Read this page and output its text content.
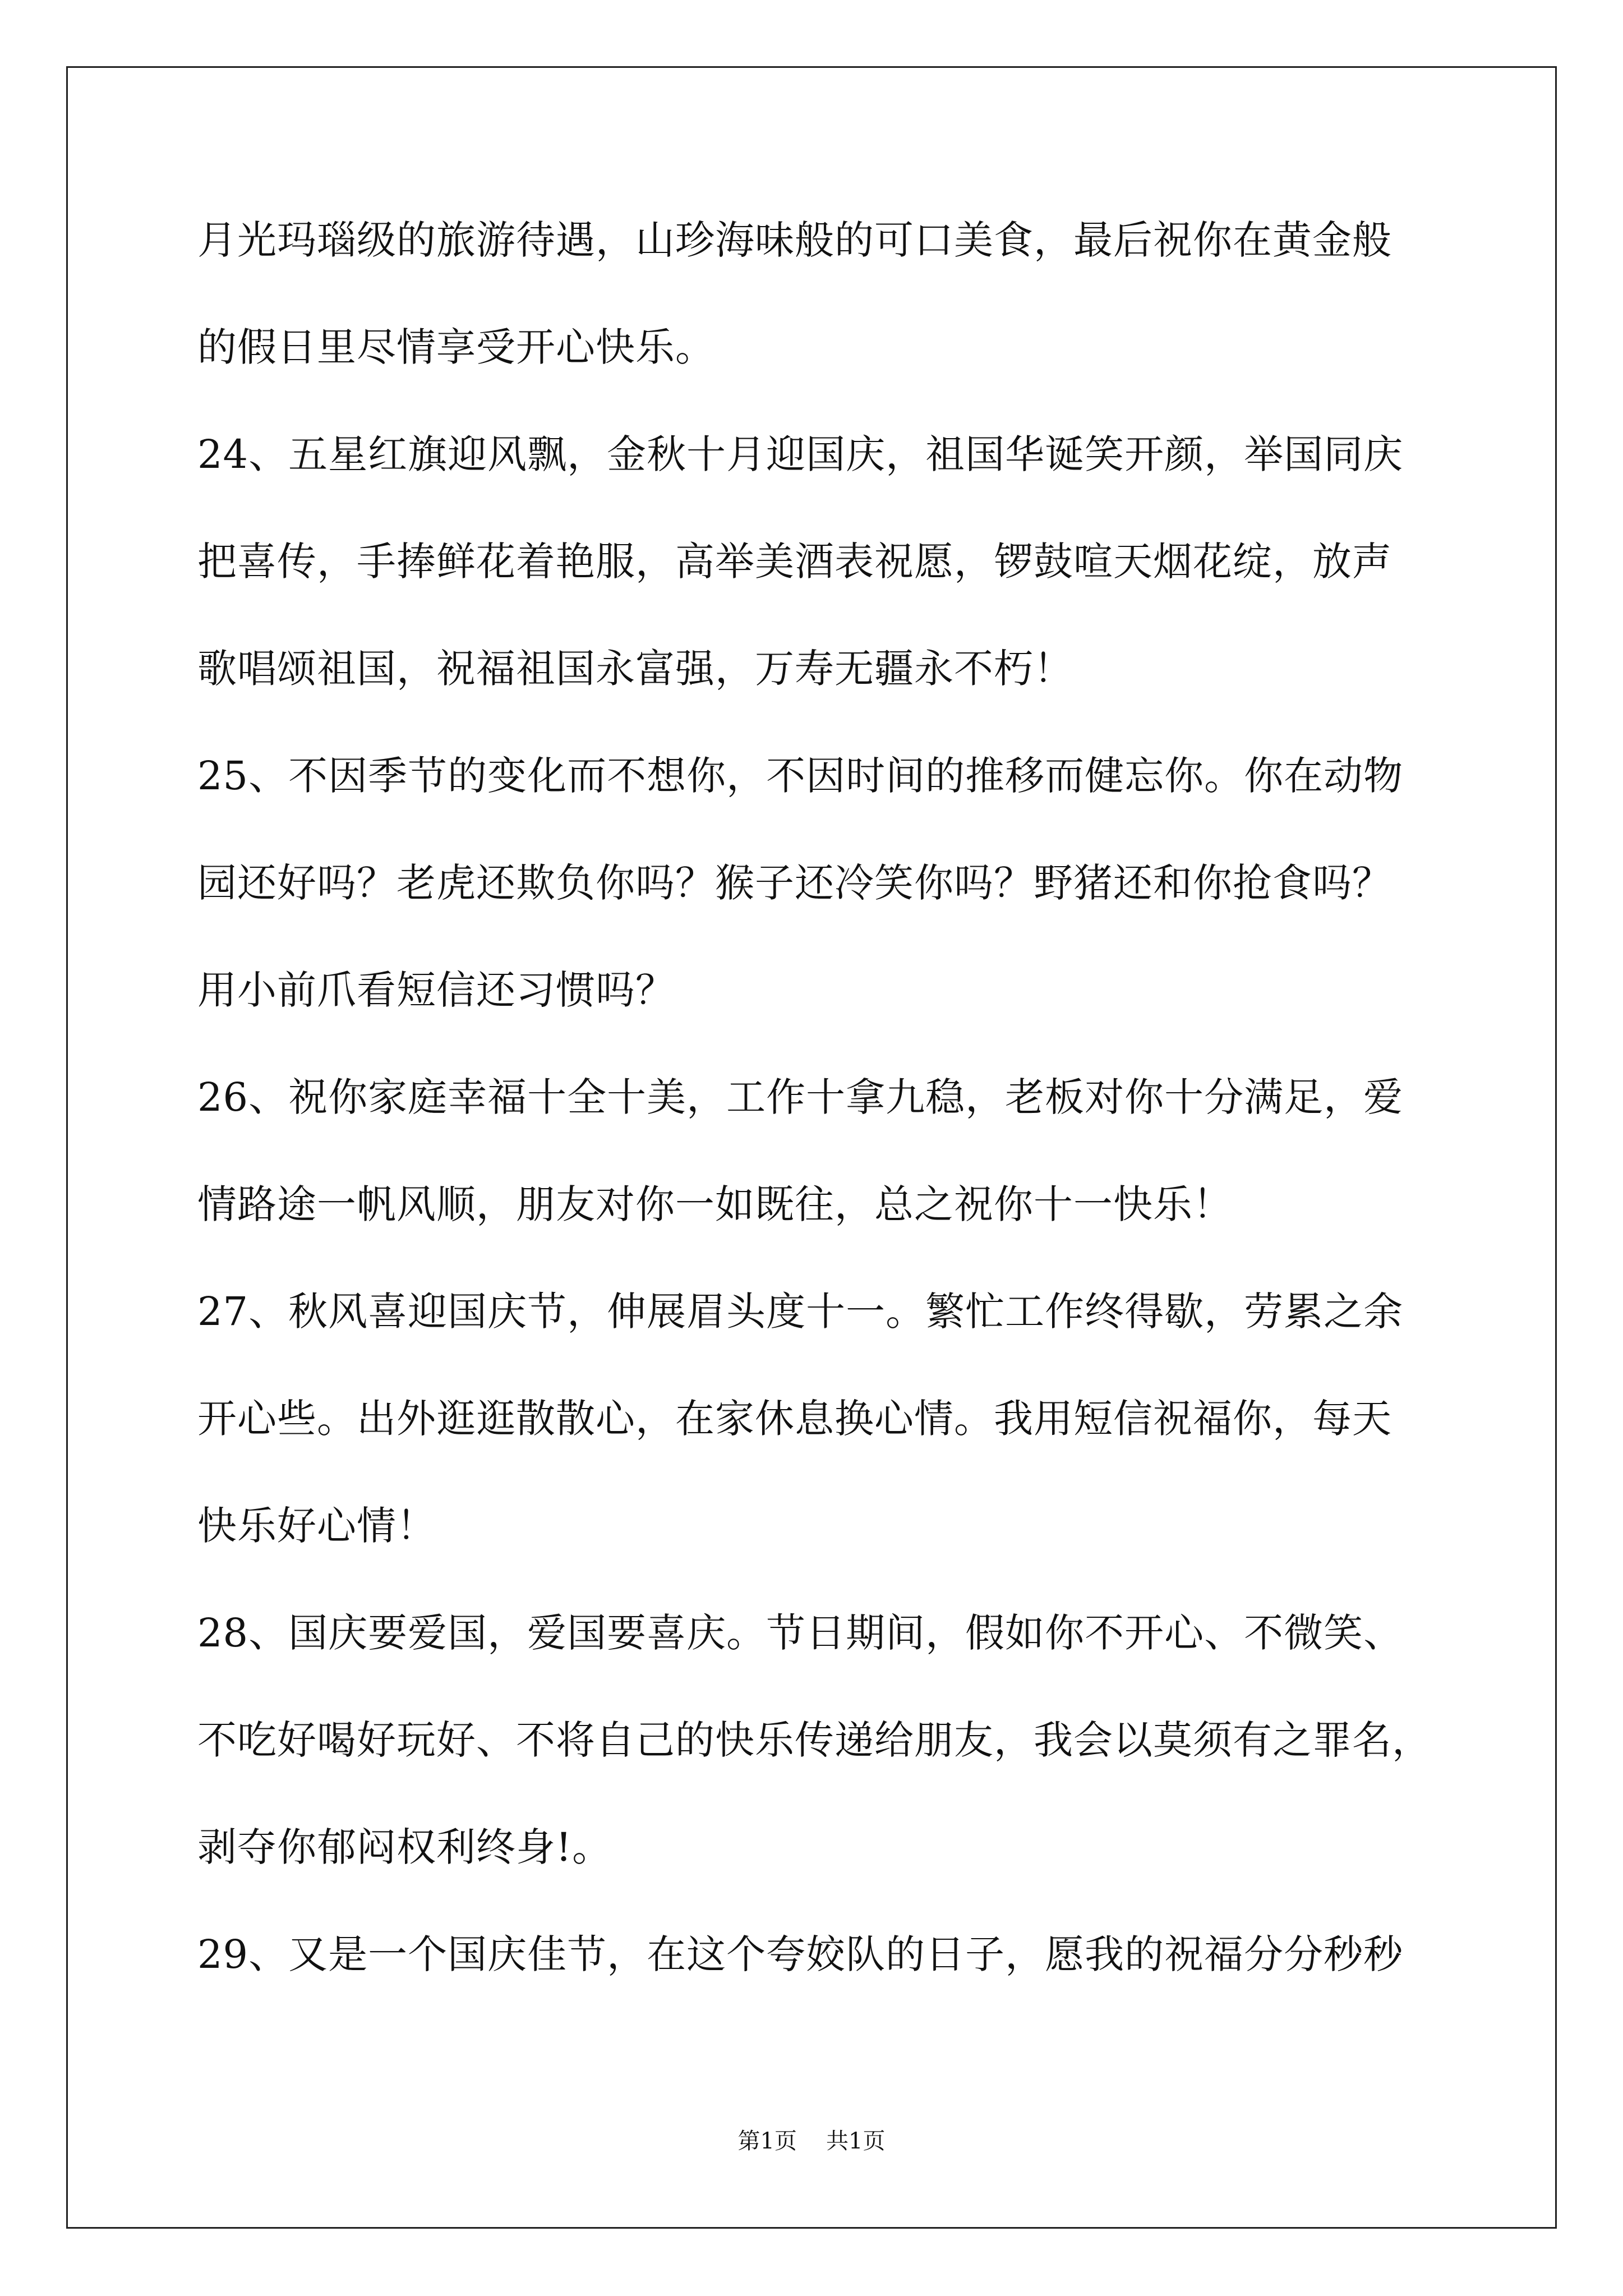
月光玛瑙级的旅游待遇，山珍海味般的可口美食，最后祝你在黄金般
的假日里尽情享受开心快乐。
24、五星红旗迎风飘，金秋十月迎国庆，祖国华诞笑开颜，举国同庆
把喜传，手捧鲜花着艳服，高举美酒表祝愿，锣鼓喧天烟花绽，放声
歌唱颂祖国，祝福祖国永富强，万寿无疆永不朽！
25、不因季节的变化而不想你，不因时间的推移而健忘你。你在动物
园还好吗？老虎还欺负你吗？猴子还冷笑你吗？野猪还和你抢食吗？
用小前爪看短信还习惯吗？
26、祝你家庭幸福十全十美，工作十拿九稳，老板对你十分满足，爱
情路途一帆风顺，朋友对你一如既往，总之祝你十一快乐！
27、秋风喜迎国庆节，伸展眉头度十一。繁忙工作终得歇，劳累之余
开心些。出外逛逛散散心，在家休息换心情。我用短信祝福你，每天
快乐好心情！
28、国庆要爱国，爱国要喜庆。节日期间，假如你不开心、不微笑、
不吃好喝好玩好、不将自己的快乐传递给朋友，我会以莫须有之罪名，
剥夺你郁闷权利终身!。
29、又是一个国庆佳节，在这个夸姣队的日子，愿我的祝福分分秒秒
第1页 共1页
